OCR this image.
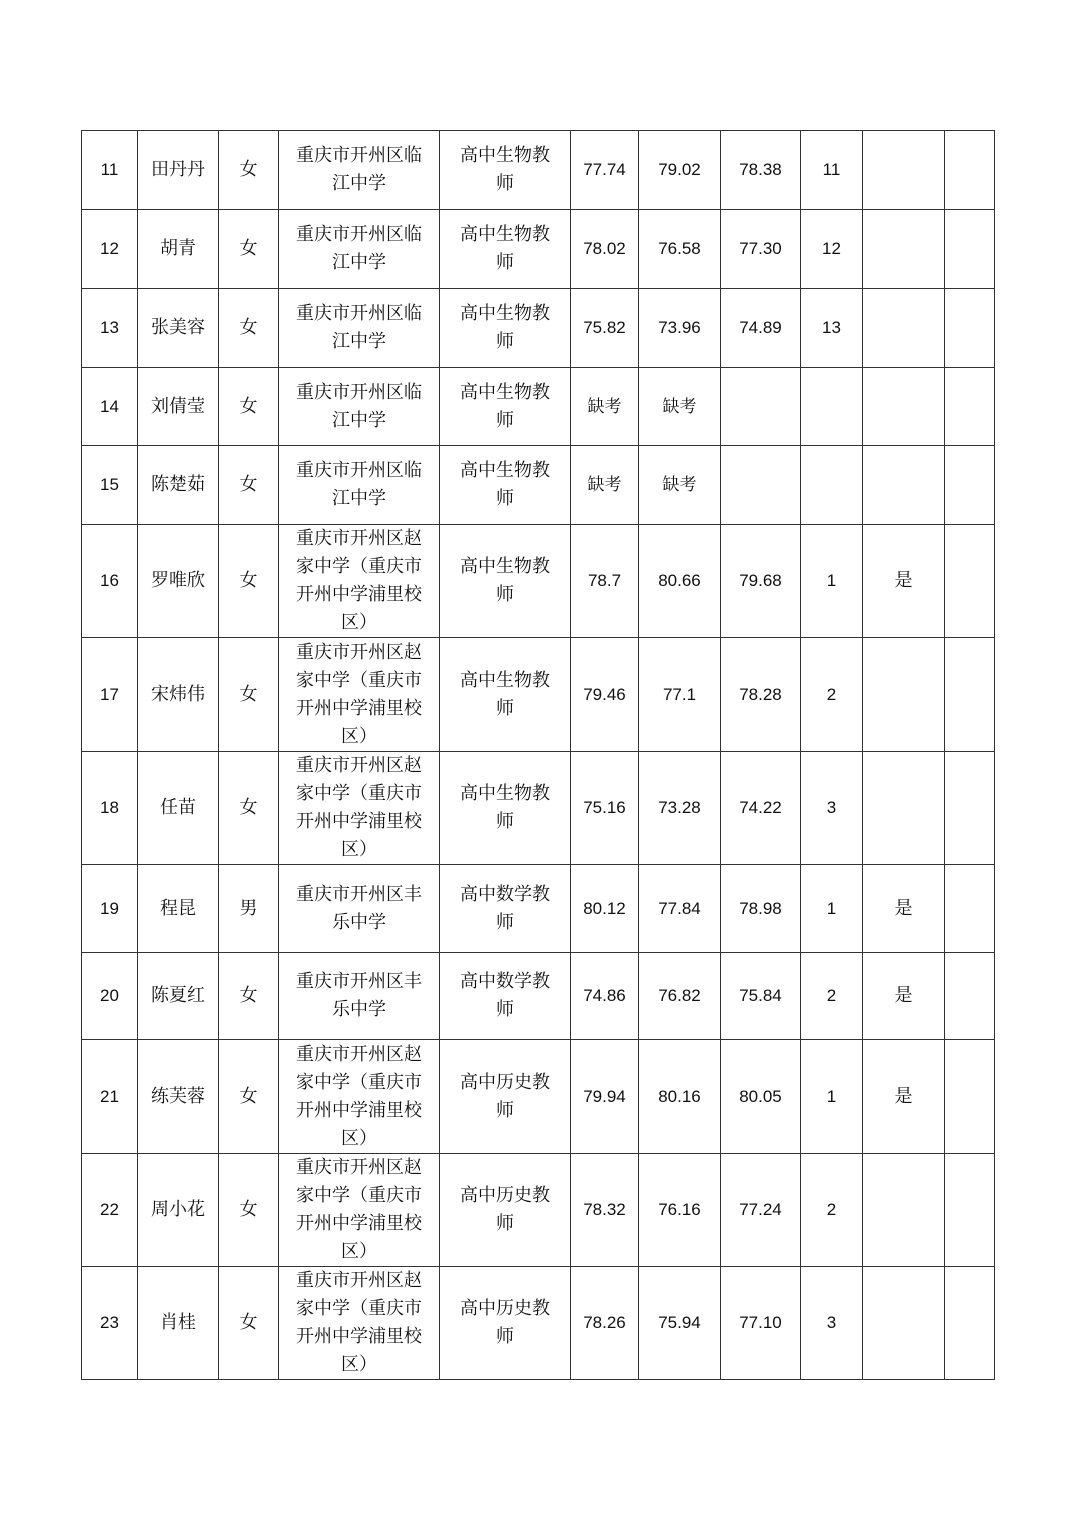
11	田丹丹	女	重庆市开州区临江中学	高中生物教师	77.74	79.02	78.38	11		
12	胡青	女	重庆市开州区临江中学	高中生物教师	78.02	76.58	77.30	12		
13	张美容	女	重庆市开州区临江中学	高中生物教师	75.82	73.96	74.89	13		
14	刘倩莹	女	重庆市开州区临江中学	高中生物教师	缺考	缺考				
15	陈楚茹	女	重庆市开州区临江中学	高中生物教师	缺考	缺考				
16	罗唯欣	女	重庆市开州区赵家中学（重庆市开州中学浦里校区）	高中生物教师	78.7	80.66	79.68	1	是	
17	宋炜伟	女	重庆市开州区赵家中学（重庆市开州中学浦里校区）	高中生物教师	79.46	77.1	78.28	2		
18	任苗	女	重庆市开州区赵家中学（重庆市开州中学浦里校区）	高中生物教师	75.16	73.28	74.22	3		
19	程昆	男	重庆市开州区丰乐中学	高中数学教师	80.12	77.84	78.98	1	是	
20	陈夏红	女	重庆市开州区丰乐中学	高中数学教师	74.86	76.82	75.84	2	是	
21	练芙蓉	女	重庆市开州区赵家中学（重庆市开州中学浦里校区）	高中历史教师	79.94	80.16	80.05	1	是	
22	周小花	女	重庆市开州区赵家中学（重庆市开州中学浦里校区）	高中历史教师	78.32	76.16	77.24	2		
23	肖桂	女	重庆市开州区赵家中学（重庆市开州中学浦里校区）	高中历史教师	78.26	75.94	77.10	3		
